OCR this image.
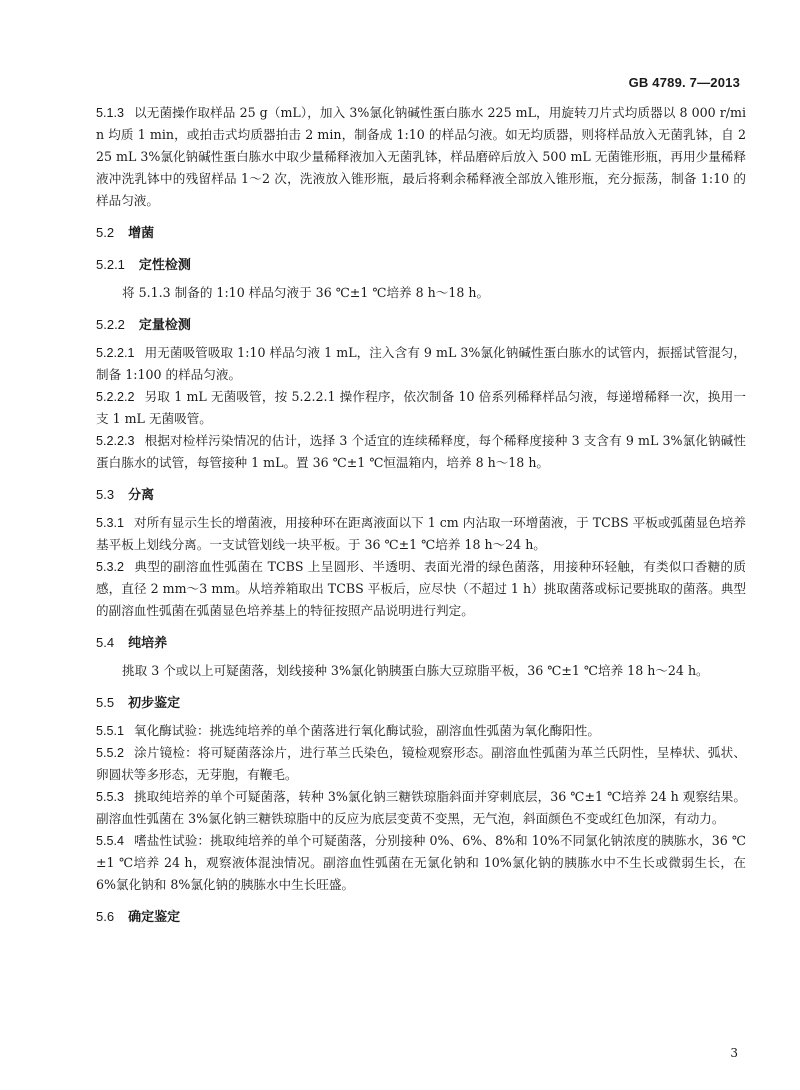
GB 4789. 7—2013

5.1.3 以无菌操作取样品 25 g（mL），加入 3%氯化钠碱性蛋白胨水 225 mL，用旋转刀片式均质器以 8 000 r/min 均质 1 min，或拍击式均质器拍击 2 min，制备成 1:10 的样品匀液。如无均质器，则将样品放入无菌乳钵，自 225 mL 3%氯化钠碱性蛋白胨水中取少量稀释液加入无菌乳钵，样品磨碎后放入 500 mL 无菌锥形瓶，再用少量稀释液冲洗乳钵中的残留样品 1～2 次，洗液放入锥形瓶，最后将剩余稀释液全部放入锥形瓶，充分振荡，制备 1:10 的样品匀液。

5.2 增菌
5.2.1 定性检测

将 5.1.3 制备的 1:10 样品匀液于 36 ℃±1 ℃培养 8 h～18 h。

5.2.2 定量检测

5.2.2.1 用无菌吸管吸取 1:10 样品匀液 1 mL，注入含有 9 mL 3%氯化钠碱性蛋白胨水的试管内，振摇试管混匀，制备 1:100 的样品匀液。

5.2.2.2 另取 1 mL 无菌吸管，按 5.2.2.1 操作程序，依次制备 10 倍系列稀释样品匀液，每递增稀释一次，换用一支 1 mL 无菌吸管。

5.2.2.3 根据对检样污染情况的估计，选择 3 个适宜的连续稀释度，每个稀释度接种 3 支含有 9 mL 3%氯化钠碱性蛋白胨水的试管，每管接种 1 mL。置 36 ℃±1 ℃恒温箱内，培养 8 h～18 h。

5.3 分离

5.3.1 对所有显示生长的增菌液，用接种环在距离液面以下 1 cm 内沾取一环增菌液，于 TCBS 平板或弧菌显色培养基平板上划线分离。一支试管划线一块平板。于 36 ℃±1 ℃培养 18 h～24 h。

5.3.2 典型的副溶血性弧菌在 TCBS 上呈圆形、半透明、表面光滑的绿色菌落，用接种环轻触，有类似口香糖的质感，直径 2 mm～3 mm。从培养箱取出 TCBS 平板后，应尽快（不超过 1 h）挑取菌落或标记要挑取的菌落。典型的副溶血性弧菌在弧菌显色培养基上的特征按照产品说明进行判定。

5.4 纯培养

挑取 3 个或以上可疑菌落，划线接种 3%氯化钠胰蛋白胨大豆琼脂平板，36 ℃±1 ℃培养 18 h～24 h。

5.5 初步鉴定

5.5.1 氧化酶试验：挑选纯培养的单个菌落进行氧化酶试验，副溶血性弧菌为氧化酶阳性。

5.5.2 涂片镜检：将可疑菌落涂片，进行革兰氏染色，镜检观察形态。副溶血性弧菌为革兰氏阴性，呈棒状、弧状、卵圆状等多形态，无芽胞，有鞭毛。

5.5.3 挑取纯培养的单个可疑菌落，转种 3%氯化钠三糖铁琼脂斜面并穿刺底层，36 ℃±1 ℃培养 24 h 观察结果。副溶血性弧菌在 3%氯化钠三糖铁琼脂中的反应为底层变黄不变黑，无气泡，斜面颜色不变或红色加深，有动力。

5.5.4 嗜盐性试验：挑取纯培养的单个可疑菌落，分别接种 0%、6%、8%和 10%不同氯化钠浓度的胰胨水，36 ℃±1 ℃培养 24 h，观察液体混浊情况。副溶血性弧菌在无氯化钠和 10%氯化钠的胰胨水中不生长或微弱生长，在 6%氯化钠和 8%氯化钠的胰胨水中生长旺盛。

5.6 确定鉴定
3
